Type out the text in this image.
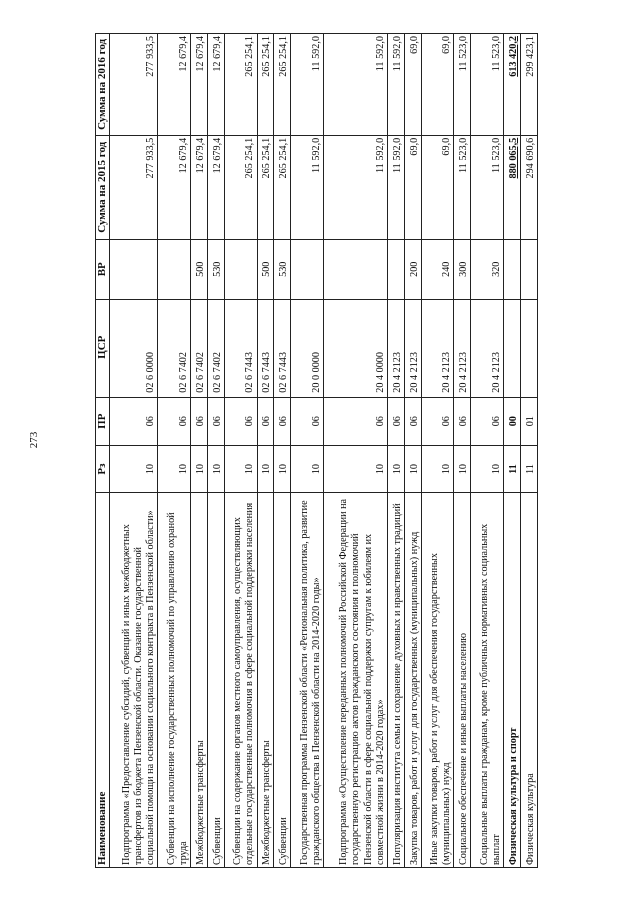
273
Наименование	Рз	ПР	ЦСР	ВР	Сумма на 2015 год	Сумма на 2016 год
Подпрограмма «Предоставление субсидий, субвенций и иных межбюджетных трансфертов из бюджета Пензенской области. Оказание государственной социальной помощи на основании социального контракта в Пензенской области»	10	06	02 6 0000		277 933,5	277 933,5
Субвенции на исполнение государственных полномочий по управлению охраной труда	10	06	02 6 7402		12 679,4	12 679,4
Межбюджетные трансферты	10	06	02 6 7402	500	12 679,4	12 679,4
Субвенции	10	06	02 6 7402	530	12 679,4	12 679,4
Субвенции на содержание органов местного самоуправления, осуществляющих отдельные государственные полномочия в сфере социальной поддержки населения	10	06	02 6 7443		265 254,1	265 254,1
Межбюджетные трансферты	10	06	02 6 7443	500	265 254,1	265 254,1
Субвенции	10	06	02 6 7443	530	265 254,1	265 254,1
Государственная программа Пензенской области «Региональная политика, развитие гражданского общества в Пензенской области на 2014-2020 годы»	10	06	20 0 0000		11 592,0	11 592,0
Подпрограмма «Осуществление переданных полномочий Российской Федерации на государственную регистрацию актов гражданского состояния и полномочий Пензенской области в сфере социальной поддержки супругам к юбилеям их совместной жизни в 2014-2020 годах»	10	06	20 4 0000		11 592,0	11 592,0
Популяризация института семьи и сохранение духовных и нравственных традиций	10	06	20 4 2123		11 592,0	11 592,0
Закупка товаров, работ и услуг для государственных (муниципальных) нужд	10	06	20 4 2123	200	69,0	69,0
Иные закупки товаров, работ и услуг для обеспечения государственных (муниципальных) нужд	10	06	20 4 2123	240	69,0	69,0
Социальное обеспечение и иные выплаты населению	10	06	20 4 2123	300	11 523,0	11 523,0
Социальные выплаты гражданам, кроме публичных нормативных социальных выплат	10	06	20 4 2123	320	11 523,0	11 523,0
Физическая культура и спорт	11	00			880 065,5	613 420,2
Физическая культура	11	01			294 690,6	299 423,1
